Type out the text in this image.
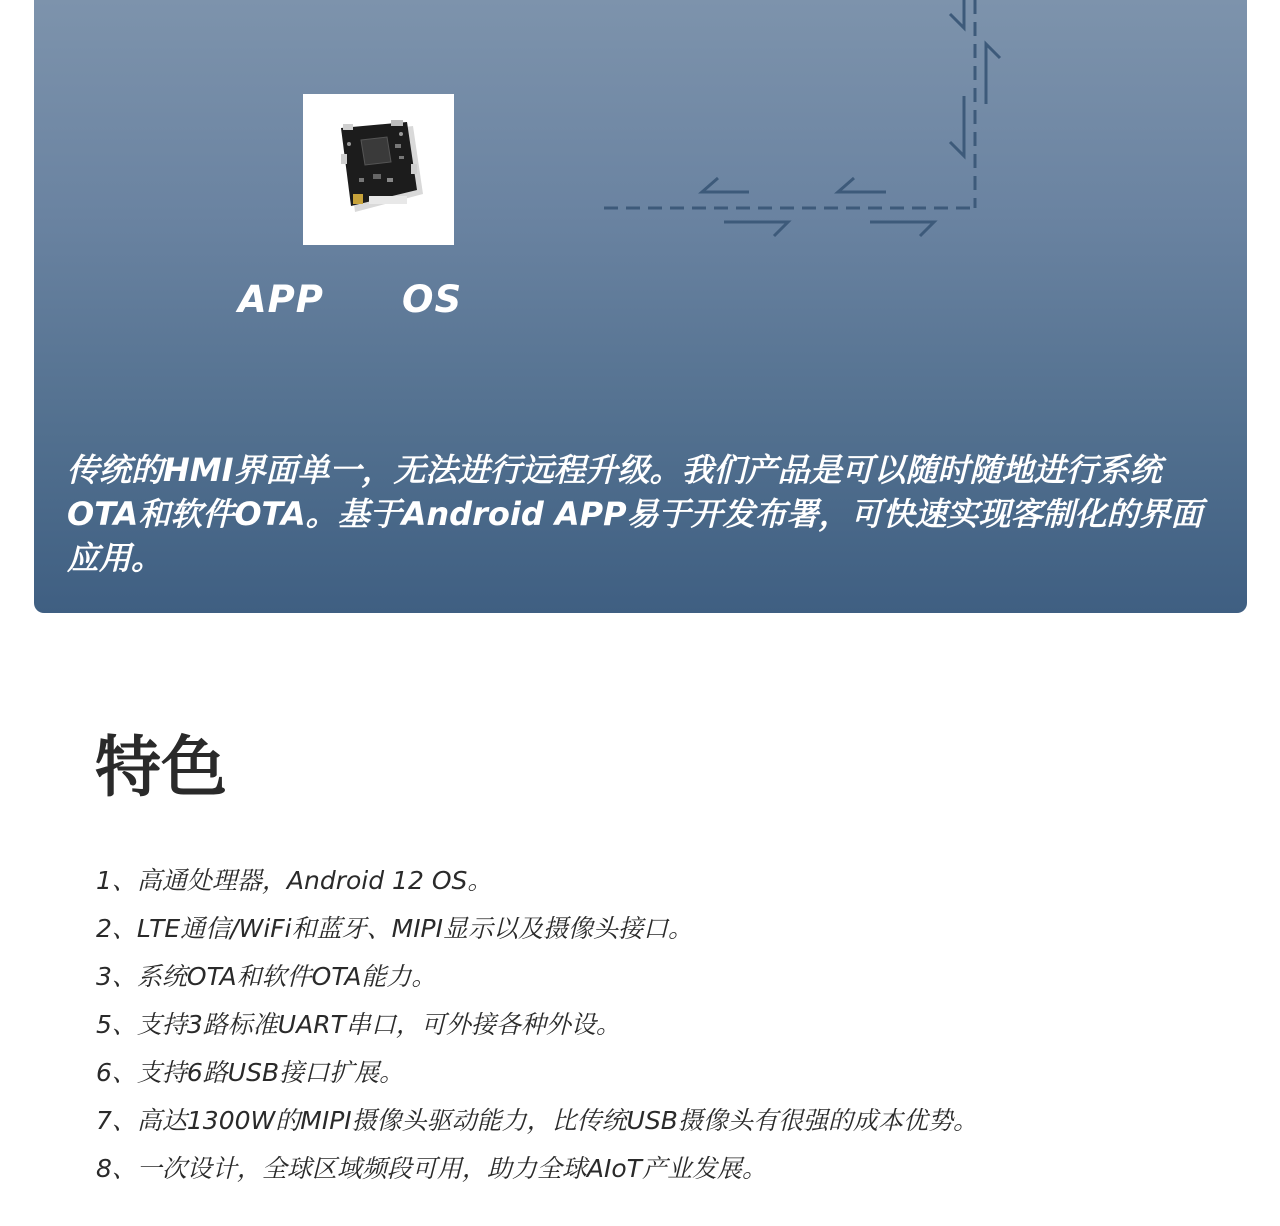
APP OS

传统的HMI界面单一，无法进行远程升级。我们产品是可以随时随地进行系统OTA和软件OTA。基于Android APP易于开发布署，可快速实现客制化的界面应用。

特色
1、高通处理器，Android 12 OS。
2、LTE通信/WiFi和蓝牙、MIPI显示以及摄像头接口。
3、系统OTA和软件OTA能力。
5、支持3路标准UART串口，可外接各种外设。
6、支持6路USB接口扩展。
7、高达1300W的MIPI摄像头驱动能力，比传统USB摄像头有很强的成本优势。
8、一次设计，全球区域频段可用，助力全球AIoT产业发展。
